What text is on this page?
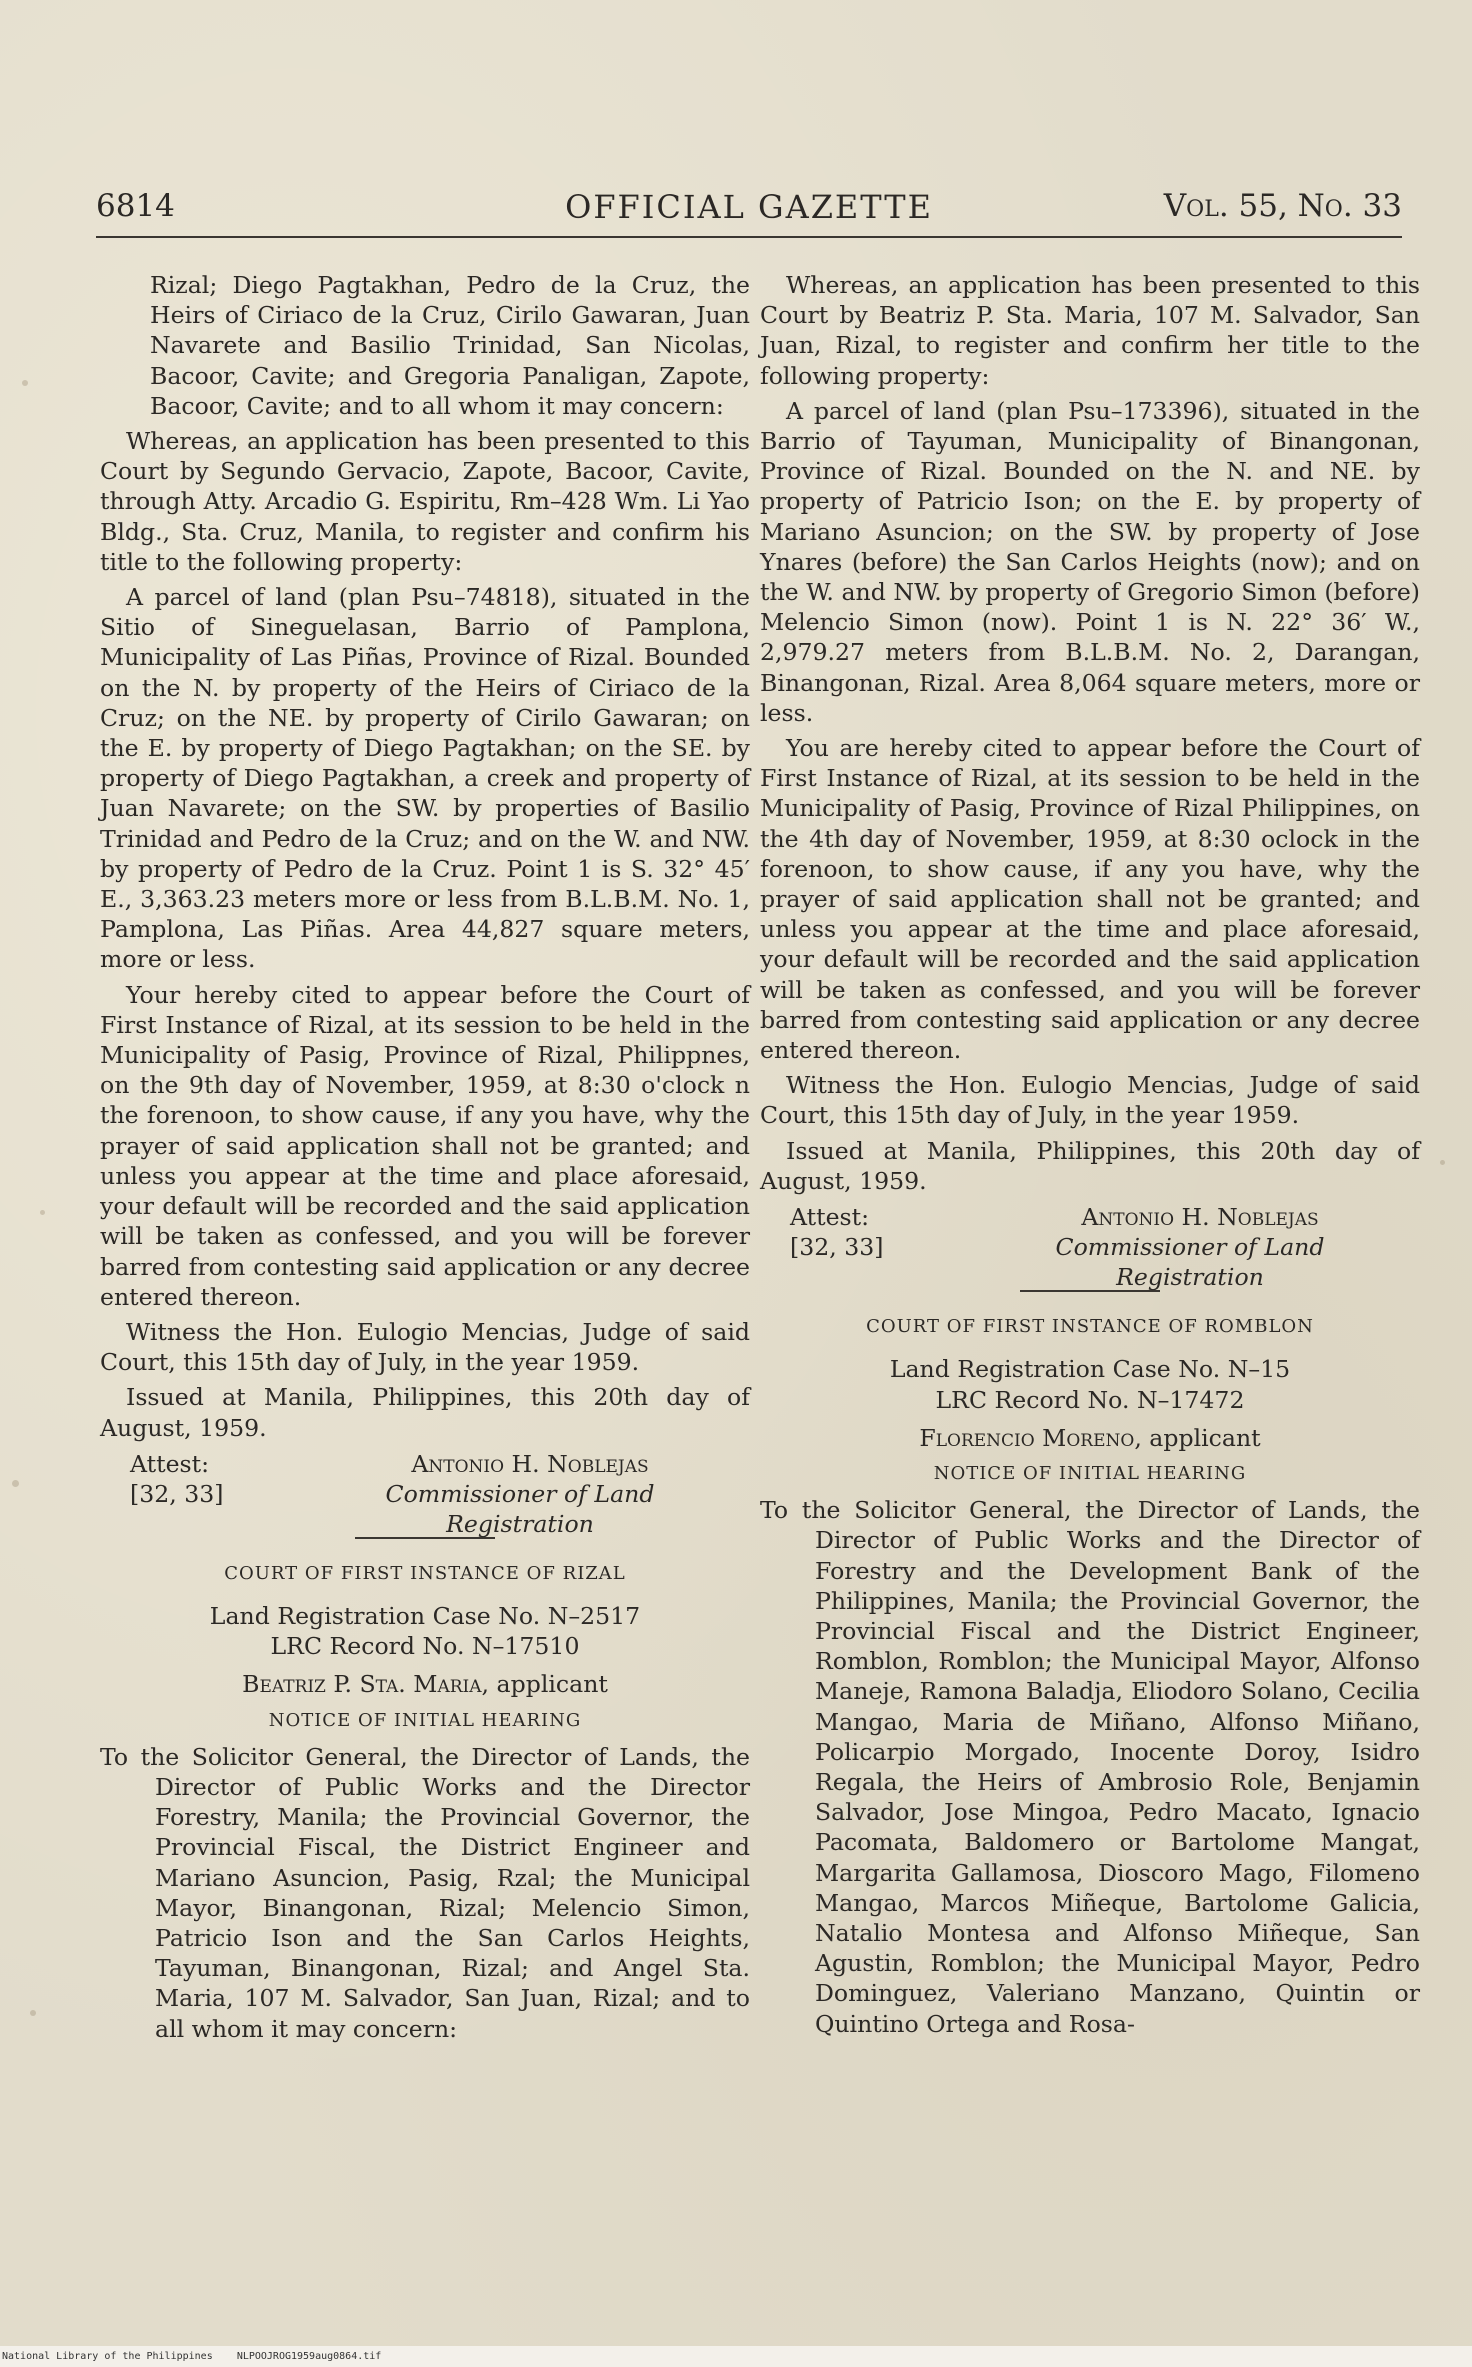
6814	OFFICIAL GAZETTE	Vol. 55, No. 33

Rizal; Diego Pagtakhan, Pedro de la Cruz, the Heirs of Ciriaco de la Cruz, Cirilo Gawaran, Juan Navarete and Basilio Trinidad, San Nicolas, Bacoor, Cavite; and Gregoria Panaligan, Zapote, Bacoor, Cavite; and to all whom it may concern:

Whereas, an application has been presented to this Court by Segundo Gervacio, Zapote, Bacoor, Cavite, through Atty. Arcadio G. Espiritu, Rm–428 Wm. Li Yao Bldg., Sta. Cruz, Manila, to register and confirm his title to the following property:

A parcel of land (plan Psu–74818), situated in the Sitio of Sineguelasan, Barrio of Pamplona, Municipality of Las Piñas, Province of Rizal. Bounded on the N. by property of the Heirs of Ciriaco de la Cruz; on the NE. by property of Cirilo Gawaran; on the E. by property of Diego Pagtakhan; on the SE. by property of Diego Pagtakhan, a creek and property of Juan Navarete; on the SW. by properties of Basilio Trinidad and Pedro de la Cruz; and on the W. and NW. by property of Pedro de la Cruz. Point 1 is S. 32° 45′ E., 3,363.23 meters more or less from B.L.B.M. No. 1, Pamplona, Las Piñas. Area 44,827 square meters, more or less.

Your hereby cited to appear before the Court of First Instance of Rizal, at its session to be held in the Municipality of Pasig, Province of Rizal, Philippnes, on the 9th day of November, 1959, at 8:30 o'clock n the forenoon, to show cause, if any you have, why the prayer of said application shall not be granted; and unless you appear at the time and place aforesaid, your default will be recorded and the said application will be taken as confessed, and you will be forever barred from contesting said application or any decree entered thereon.

Witness the Hon. Eulogio Mencias, Judge of said Court, this 15th day of July, in the year 1959.

Issued at Manila, Philippines, this 20th day of August, 1959.

Attest:
[32, 33]
Antonio H. Noblejas
Commissioner of Land Registration

COURT OF FIRST INSTANCE OF RIZAL

Land Registration Case No. N–2517

LRC Record No. N–17510

Beatriz P. Sta. Maria, applicant

NOTICE OF INITIAL HEARING

To the Solicitor General, the Director of Lands, the Director of Public Works and the Director Forestry, Manila; the Provincial Governor, the Provincial Fiscal, the District Engineer and Mariano Asuncion, Pasig, Rzal; the Municipal Mayor, Binangonan, Rizal; Melencio Simon, Patricio Ison and the San Carlos Heights, Tayuman, Binangonan, Rizal; and Angel Sta. Maria, 107 M. Salvador, San Juan, Rizal; and to all whom it may concern:

Whereas, an application has been presented to this Court by Beatriz P. Sta. Maria, 107 M. Salvador, San Juan, Rizal, to register and confirm her title to the following property:

A parcel of land (plan Psu–173396), situated in the Barrio of Tayuman, Municipality of Binangonan, Province of Rizal. Bounded on the N. and NE. by property of Patricio Ison; on the E. by property of Mariano Asuncion; on the SW. by property of Jose Ynares (before) the San Carlos Heights (now); and on the W. and NW. by property of Gregorio Simon (before) Melencio Simon (now). Point 1 is N. 22° 36′ W., 2,979.27 meters from B.L.B.M. No. 2, Darangan, Binangonan, Rizal. Area 8,064 square meters, more or less.

You are hereby cited to appear before the Court of First Instance of Rizal, at its session to be held in the Municipality of Pasig, Province of Rizal Philippines, on the 4th day of November, 1959, at 8:30 oclock in the forenoon, to show cause, if any you have, why the prayer of said application shall not be granted; and unless you appear at the time and place aforesaid, your default will be recorded and the said application will be taken as confessed, and you will be forever barred from contesting said application or any decree entered thereon.

Witness the Hon. Eulogio Mencias, Judge of said Court, this 15th day of July, in the year 1959.

Issued at Manila, Philippines, this 20th day of August, 1959.

Attest:
[32, 33]
Antonio H. Noblejas
Commissioner of Land Registration

COURT OF FIRST INSTANCE OF ROMBLON

Land Registration Case No. N–15

LRC Record No. N–17472

Florencio Moreno, applicant

NOTICE OF INITIAL HEARING

To the Solicitor General, the Director of Lands, the Director of Public Works and the Director of Forestry and the Development Bank of the Philippines, Manila; the Provincial Governor, the Provincial Fiscal and the District Engineer, Romblon, Romblon; the Municipal Mayor, Alfonso Maneje, Ramona Baladja, Eliodoro Solano, Cecilia Mangao, Maria de Miñano, Alfonso Miñano, Policarpio Morgado, Inocente Doroy, Isidro Regala, the Heirs of Ambrosio Role, Benjamin Salvador, Jose Mingoa, Pedro Macato, Ignacio Pacomata, Baldomero or Bartolome Mangat, Margarita Gallamosa, Dioscoro Mago, Filomeno Mangao, Marcos Miñeque, Bartolome Galicia, Natalio Montesa and Alfonso Miñeque, San Agustin, Romblon; the Municipal Mayor, Pedro Dominguez, Valeriano Manzano, Quintin or Quintino Ortega and Rosa-

National Library of the Philippines NLPOOJROG1959aug0864.tif
